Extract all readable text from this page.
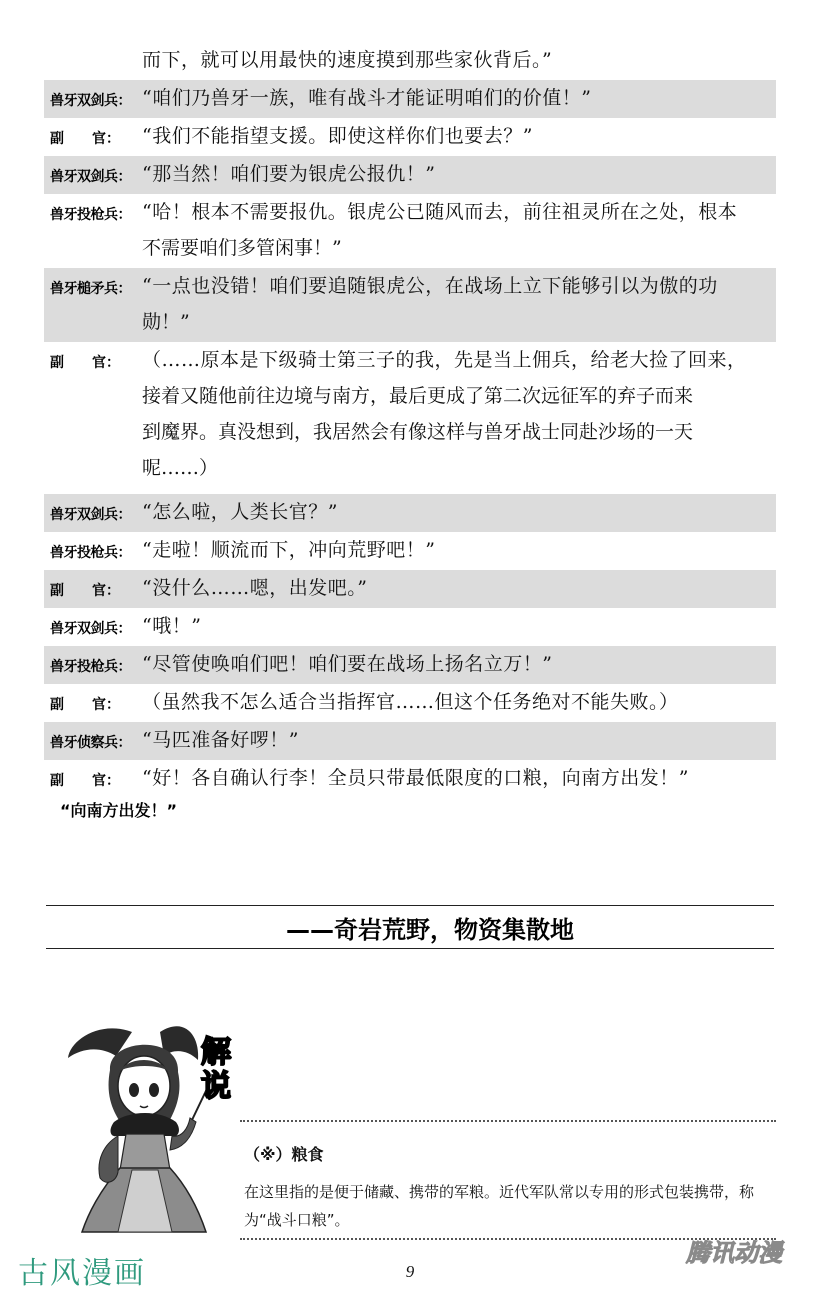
而下，就可以用最快的速度摸到那些家伙背后。”
兽牙双剑兵： “咱们乃兽牙一族，唯有战斗才能证明咱们的价值！”
副　　官：	“我们不能指望支援。即使这样你们也要去？”
兽牙双剑兵： “那当然！咱们要为银虎公报仇！”
兽牙投枪兵： “哈！根本不需要报仇。银虎公已随风而去，前往祖灵所在之处，根本
不需要咱们多管闲事！”
兽牙槌矛兵： “一点也没错！咱们要追随银虎公，在战场上立下能够引以为傲的功
勋！”
副　　官：	（……原本是下级骑士第三子的我，先是当上佣兵，给老大捡了回来，
接着又随他前往边境与南方，最后更成了第二次远征军的弃子而来
到魔界。真没想到，我居然会有像这样与兽牙战士同赴沙场的一天
呢……）
兽牙双剑兵： “怎么啦，人类长官？”
兽牙投枪兵： “走啦！顺流而下，冲向荒野吧！”
副　　官：	“没什么……嗯，出发吧。”
兽牙双剑兵： “哦！”
兽牙投枪兵： “尽管使唤咱们吧！咱们要在战场上扬名立万！”
副　　官：	（虽然我不怎么适合当指挥官……但这个任务绝对不能失败。）
兽牙侦察兵： “马匹准备好啰！”
副　　官：	“好！各自确认行李！全员只带最低限度的口粮，向南方出发！”
“向南方出发！”
——奇岩荒野，物资集散地
解说
（※）粮食
在这里指的是便于储藏、携带的军粮。近代军队常以专用的形式包装携带，称为“战斗口粮”。
古风漫画	9
腾讯动漫
